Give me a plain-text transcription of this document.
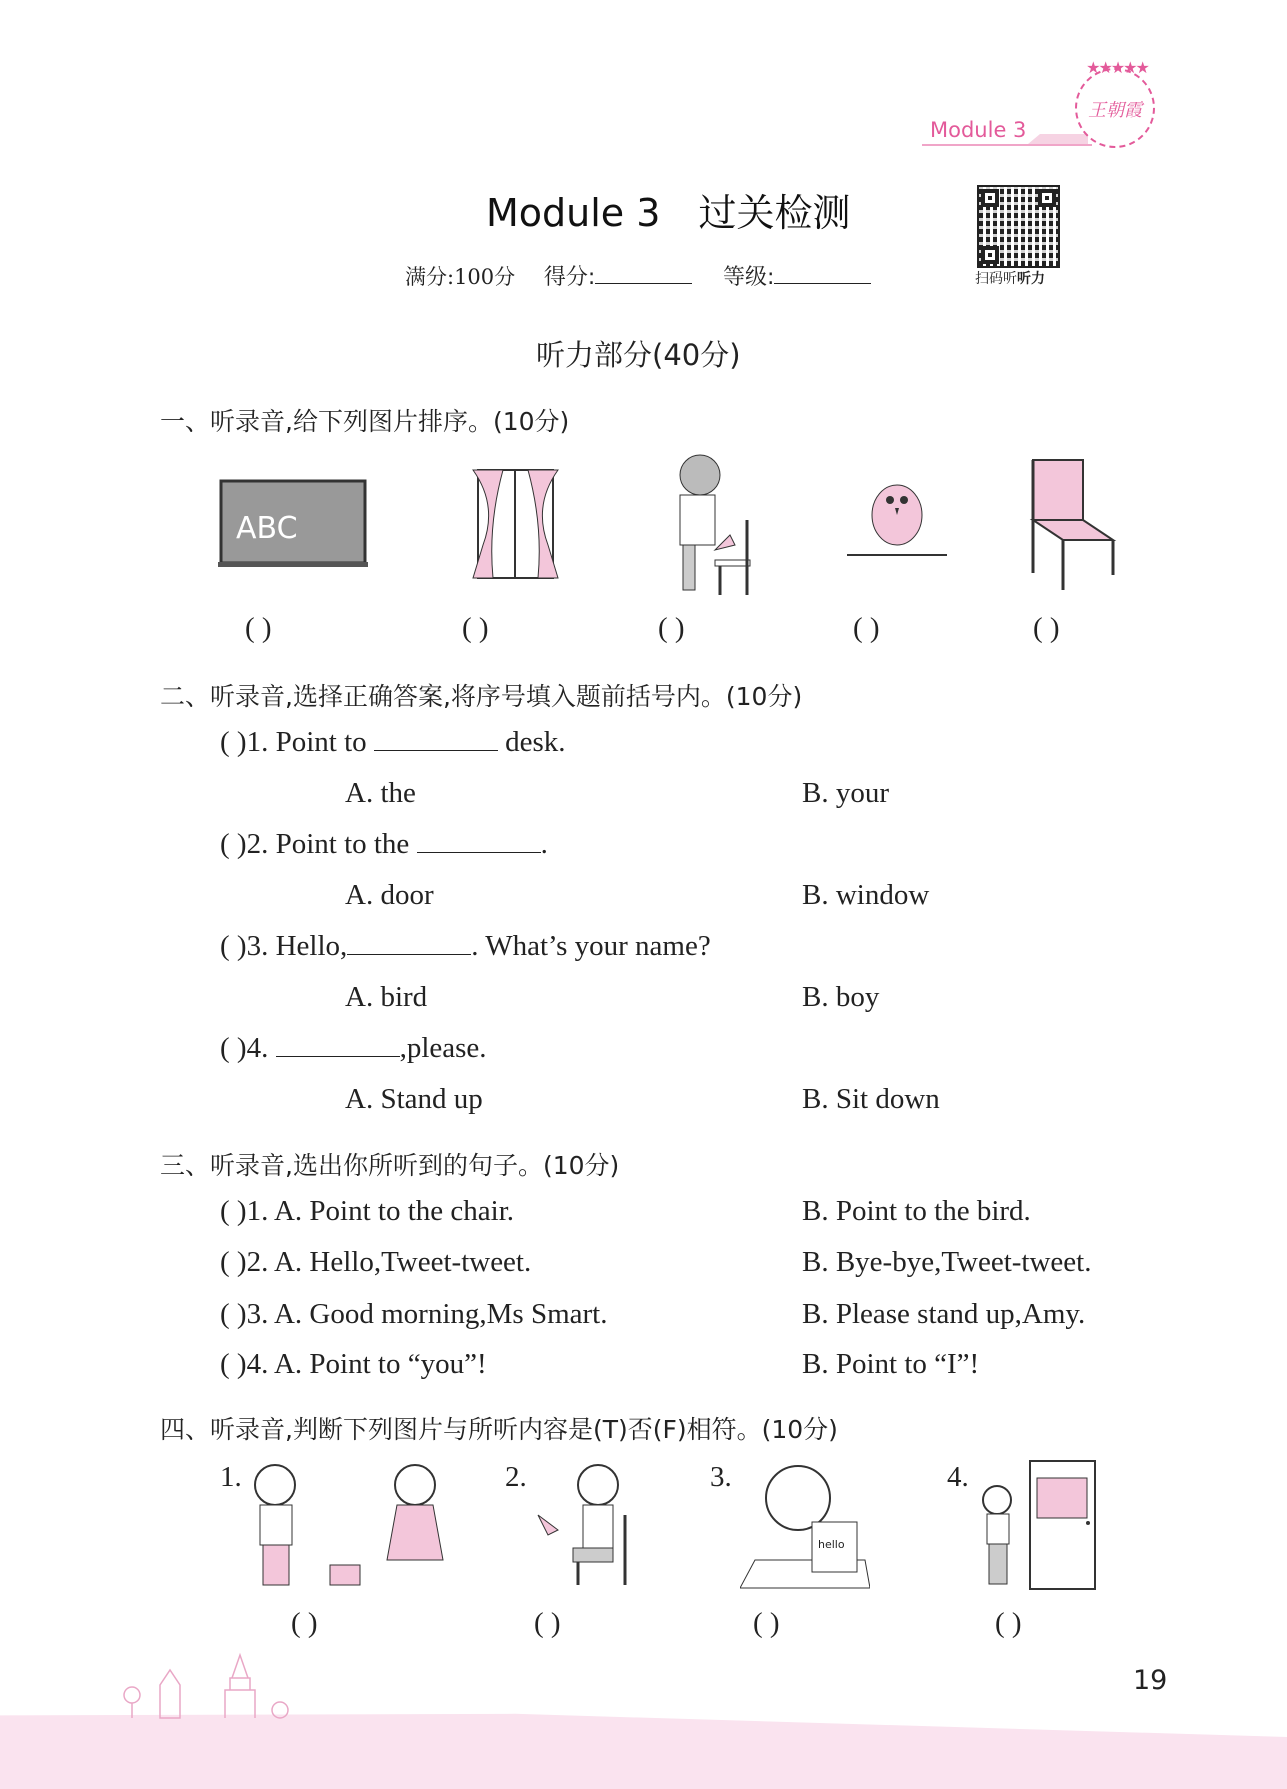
Module 3
★★★★★
王朝霞
扫码听听力
Module 3 过关检测
满分:100分 得分:	等级:
听力部分(40分)
一、听录音,给下列图片排序。(10分)
ABC
( )	( )	( )	( )	( )
二、听录音,选择正确答案,将序号填入题前括号内。(10分)
( )1. Point to	desk.
A. the	B. your
( )2. Point to the	.
A. door	B. window
( )3. Hello,	. What’s your name?
A. bird	B. boy
( )4.	,please.
A. Stand up	B. Sit down
三、听录音,选出你所听到的句子。(10分)
( )1. A. Point to the chair.	B. Point to the bird.
( )2. A. Hello,Tweet-tweet.	B. Bye-bye,Tweet-tweet.
( )3. A. Good morning,Ms Smart.	B. Please stand up,Amy.
( )4. A. Point to “you”!	B. Point to “I”!
四、听录音,判断下列图片与所听内容是(T)否(F)相符。(10分)
1.	2.	3.
hello
4.
( )	( )	( )	( )
19
